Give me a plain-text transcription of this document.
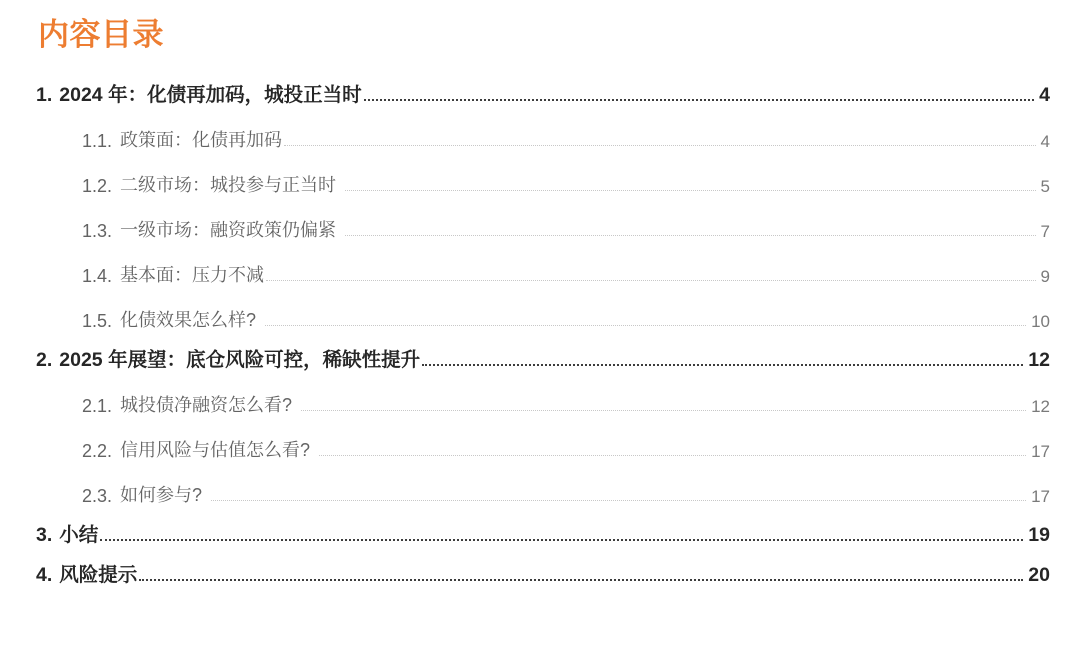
内容目录
1. 2024 年：化债再加码，城投正当时	4
1.1. 政策面：化债再加码	4
1.2. 二级市场：城投参与正当时	5
1.3. 一级市场：融资政策仍偏紧	7
1.4. 基本面：压力不减	9
1.5. 化债效果怎么样?	10
2. 2025 年展望：底仓风险可控，稀缺性提升	12
2.1. 城投债净融资怎么看?	12
2.2. 信用风险与估值怎么看?	17
2.3. 如何参与?	17
3. 小结	19
4. 风险提示	20
